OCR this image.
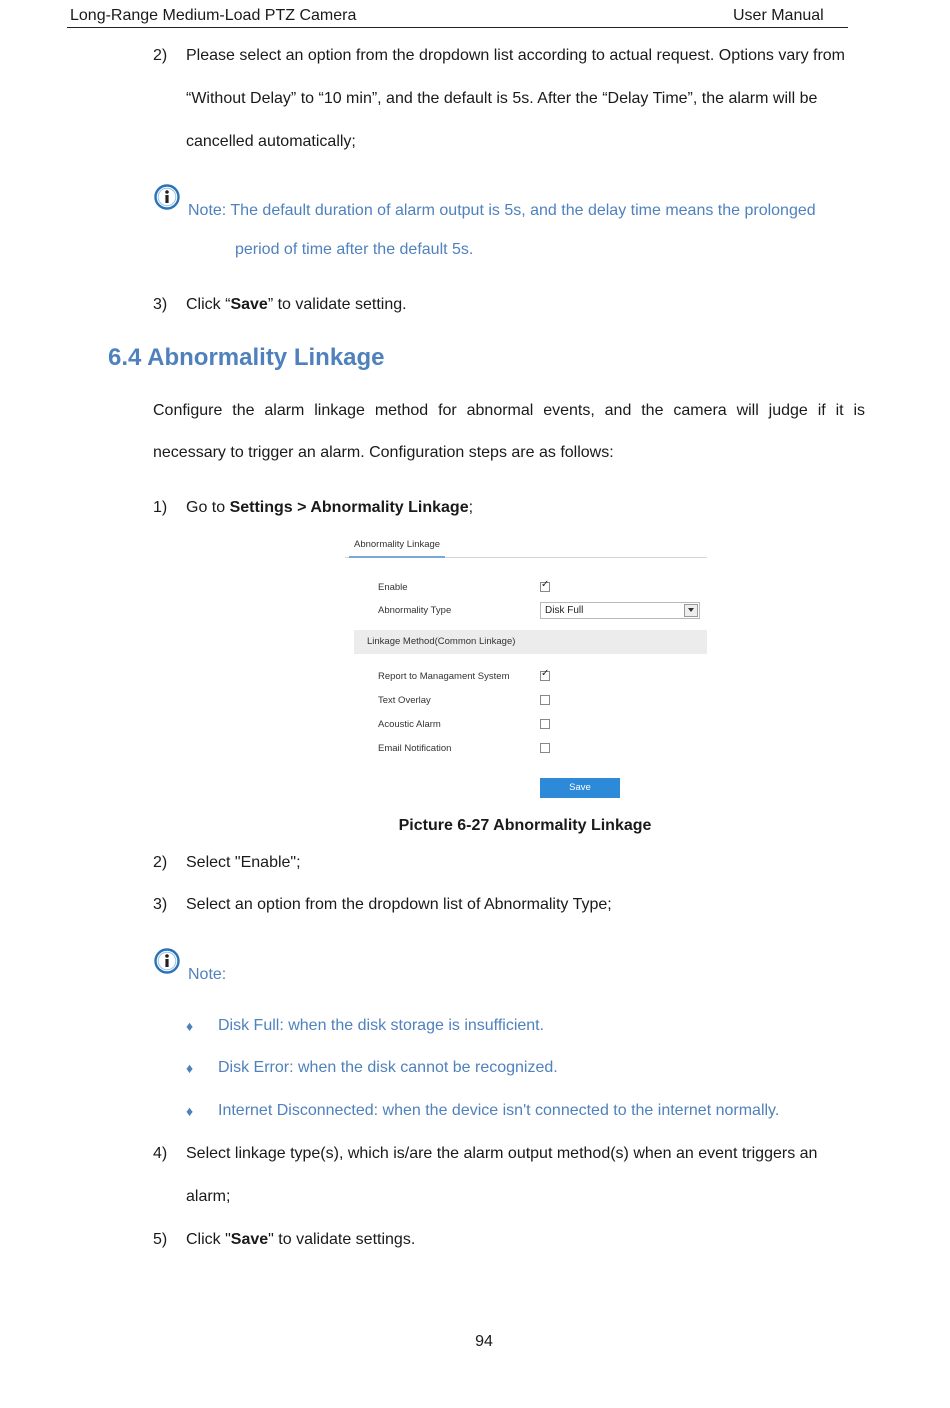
Long-Range Medium-Load PTZ Camera	User Manual
2) Please select an option from the dropdown list according to actual request. Options vary from
“Without Delay” to “10 min”, and the default is 5s. After the “Delay Time”, the alarm will be
cancelled automatically;
Note: The default duration of alarm output is 5s, and the delay time means the prolonged
period of time after the default 5s.
3) Click “Save” to validate setting.
6.4 Abnormality Linkage
Configure the alarm linkage method for abnormal events, and the camera will judge if it is
necessary to trigger an alarm. Configuration steps are as follows:
1) Go to Settings > Abnormality Linkage;
Abnormality Linkage
Enable	✓
Abnormality Type	Disk Full
Linkage Method(Common Linkage)
Report to Managament System	✓
Text Overlay
Acoustic Alarm
Email Notification
Save
Picture 6-27 Abnormality Linkage
2) Select "Enable";
3) Select an option from the dropdown list of Abnormality Type;
Note:
♦ Disk Full: when the disk storage is insufficient.
♦ Disk Error: when the disk cannot be recognized.
♦ Internet Disconnected: when the device isn't connected to the internet normally.
4) Select linkage type(s), which is/are the alarm output method(s) when an event triggers an
alarm;
5) Click "Save" to validate settings.
94
